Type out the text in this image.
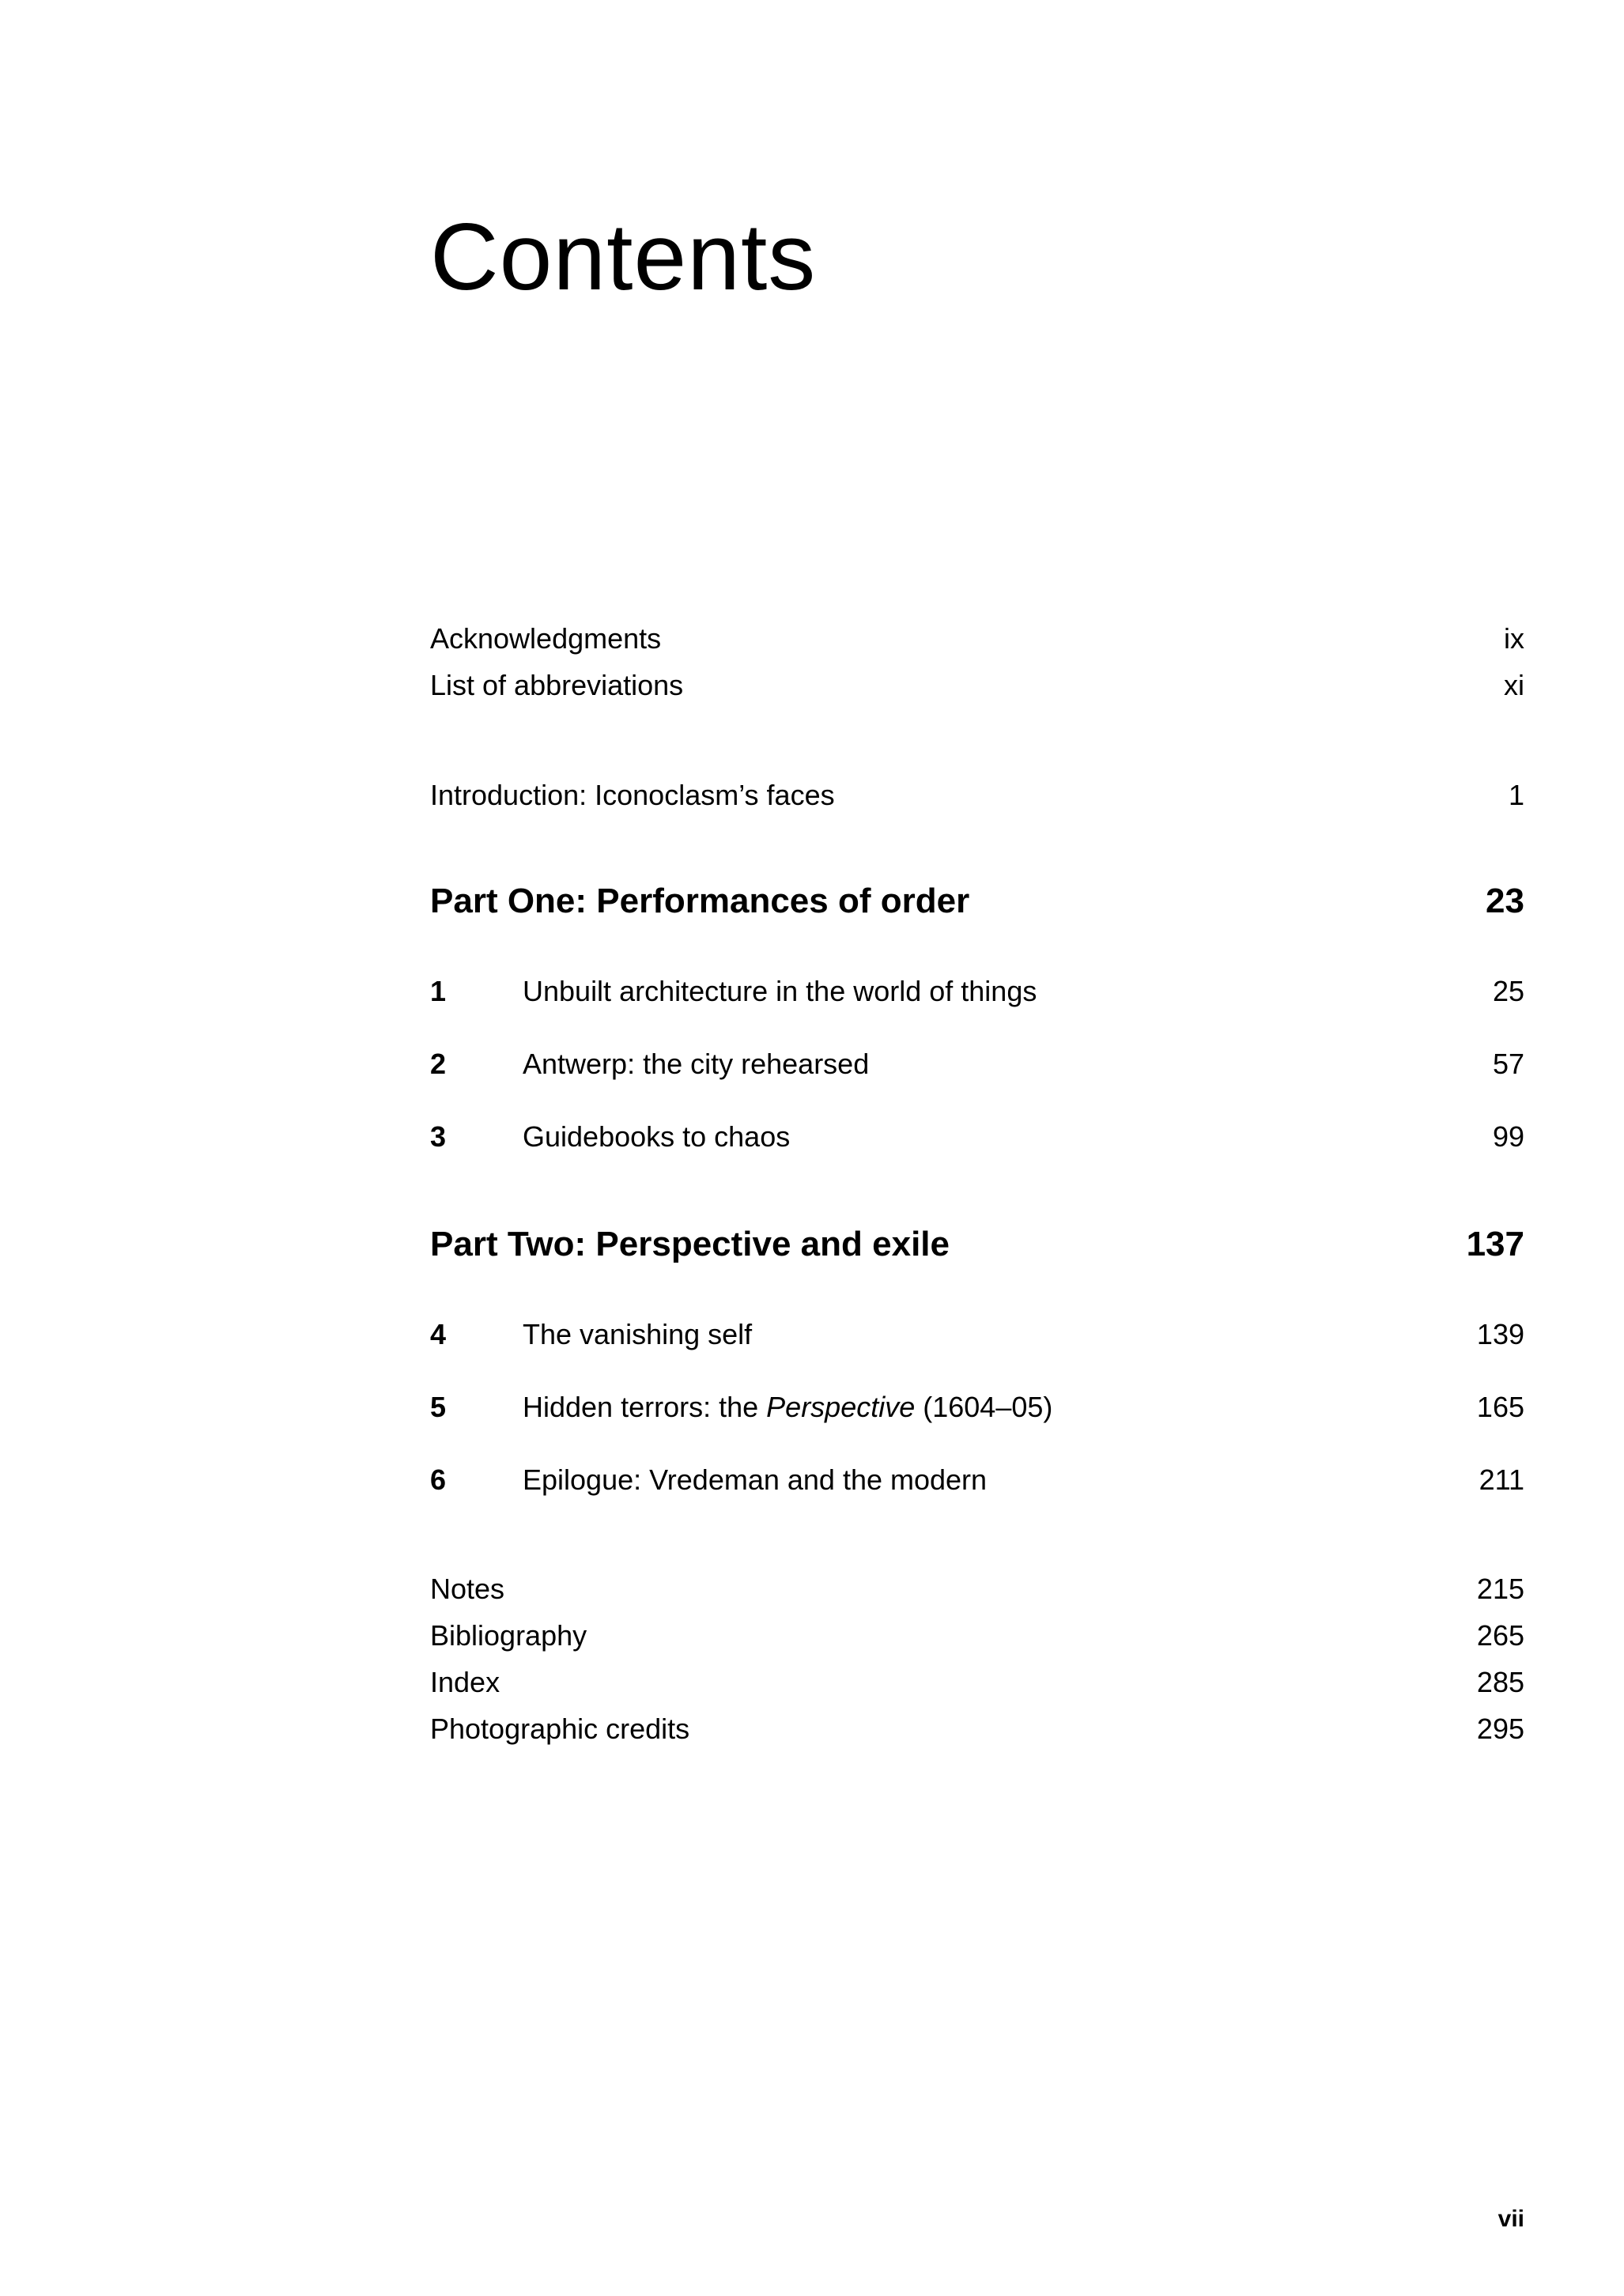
Contents
Acknowledgments	ix
List of abbreviations	xi
Introduction: Iconoclasm’s faces	1
Part One: Performances of order	23
1	Unbuilt architecture in the world of things	25
2	Antwerp: the city rehearsed	57
3	Guidebooks to chaos	99
Part Two: Perspective and exile	137
4	The vanishing self	139
5	Hidden terrors: the Perspective (1604–05)	165
6	Epilogue: Vredeman and the modern	211
Notes	215
Bibliography	265
Index	285
Photographic credits	295
vii
